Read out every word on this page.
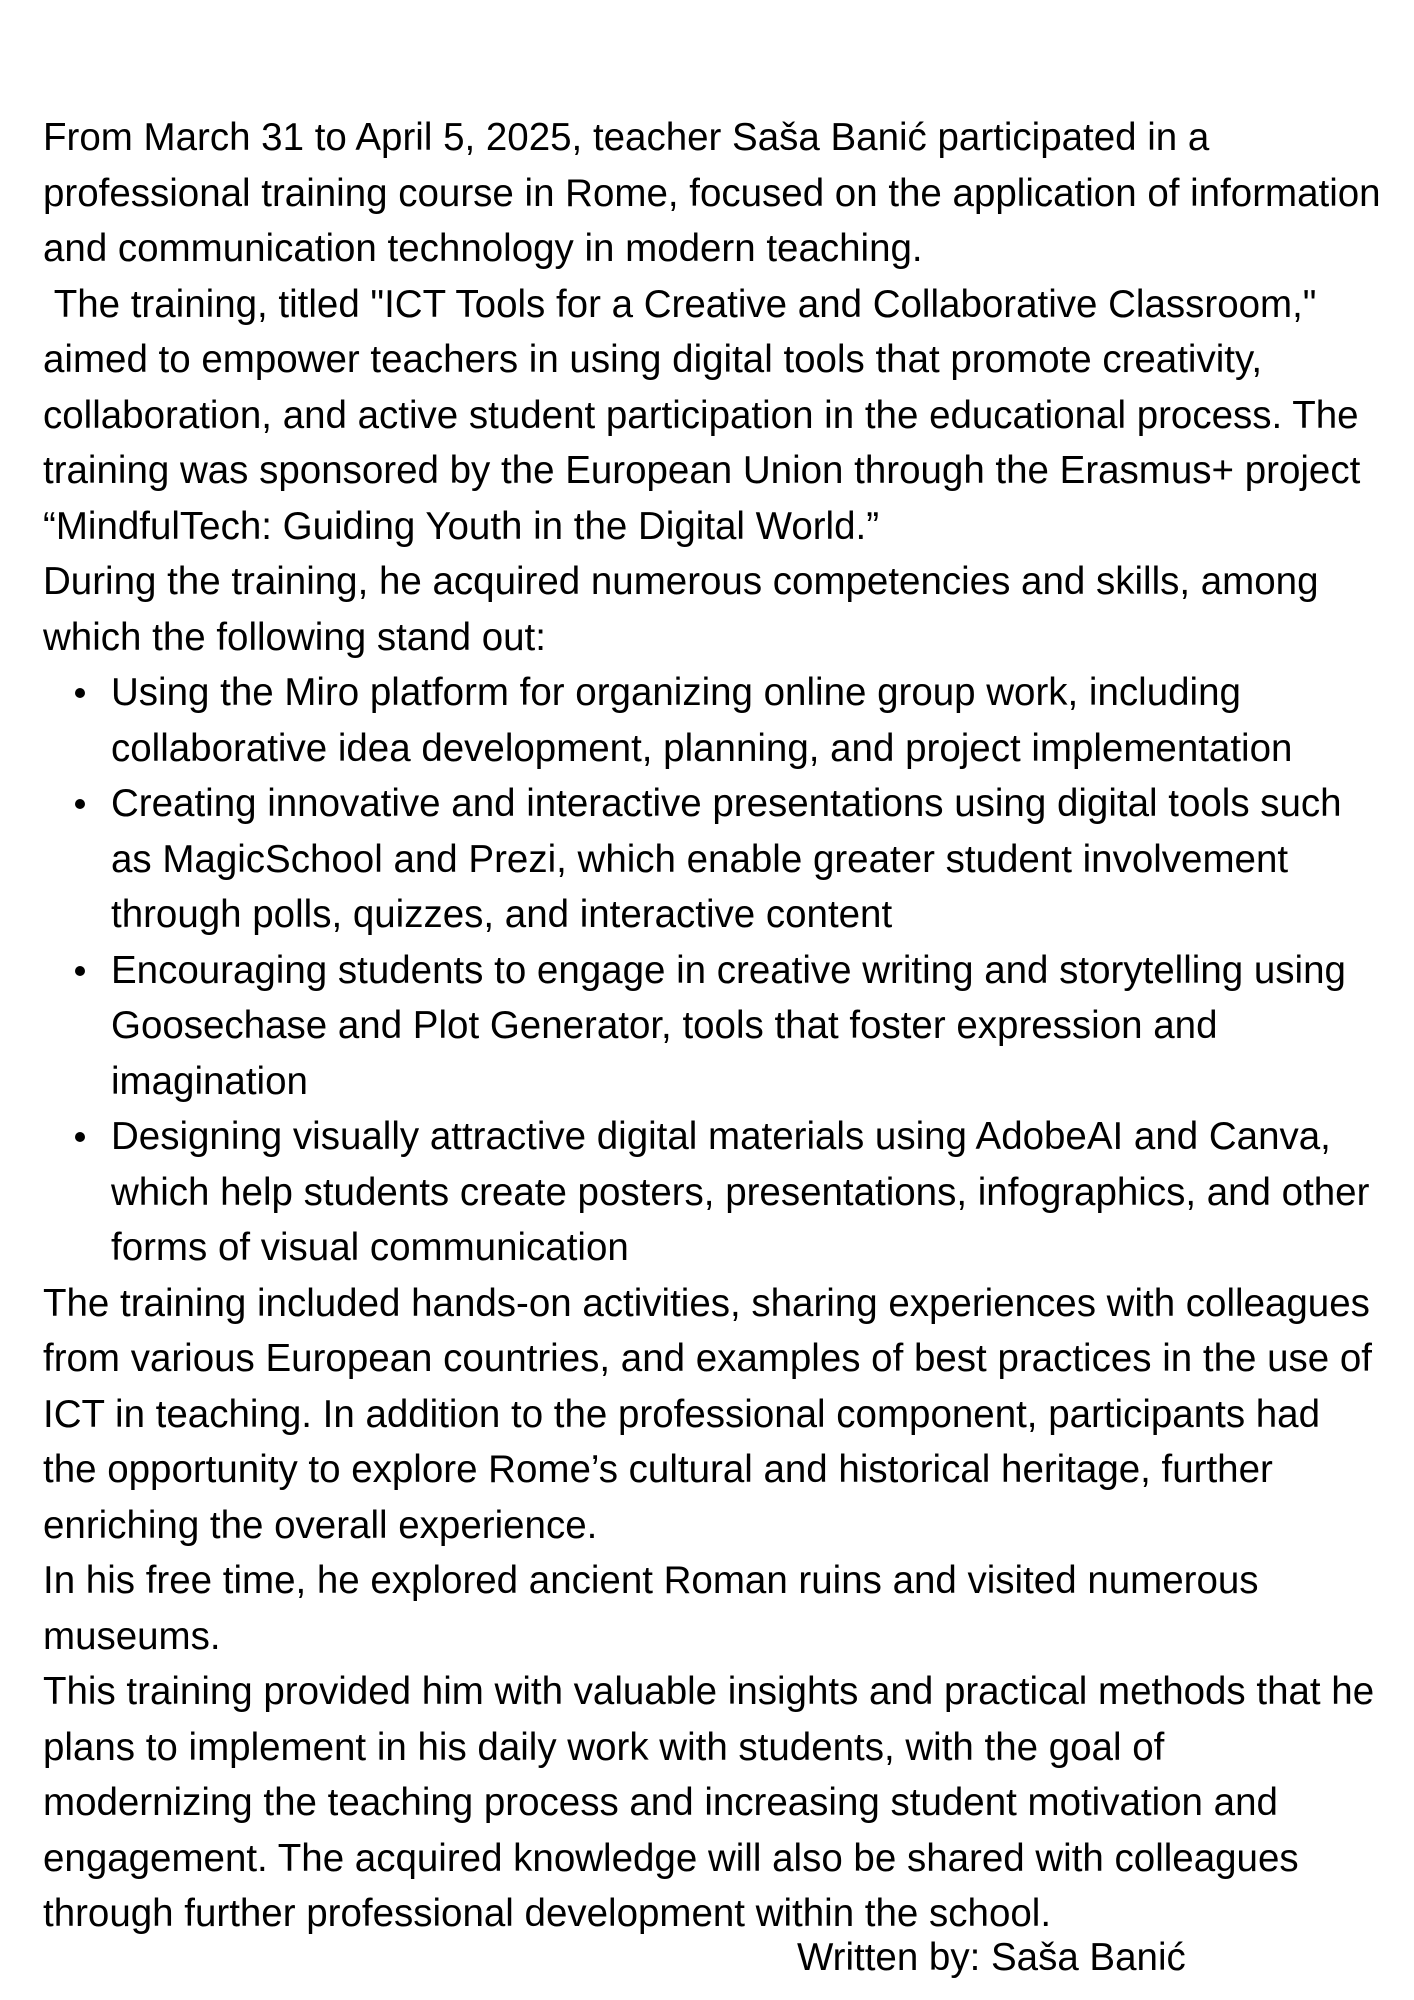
From March 31 to April 5, 2025, teacher Saša Banić participated in a professional training course in Rome, focused on the application of information and communication technology in modern teaching.

The training, titled "ICT Tools for a Creative and Collaborative Classroom," aimed to empower teachers in using digital tools that promote creativity, collaboration, and active student participation in the educational process. The training was sponsored by the European Union through the Erasmus+ project “MindfulTech: Guiding Youth in the Digital World.”

During the training, he acquired numerous competencies and skills, among which the following stand out:

Using the Miro platform for organizing online group work, including collaborative idea development, planning, and project implementation
Creating innovative and interactive presentations using digital tools such as MagicSchool and Prezi, which enable greater student involvement through polls, quizzes, and interactive content
Encouraging students to engage in creative writing and storytelling using Goosechase and Plot Generator, tools that foster expression and imagination
Designing visually attractive digital materials using AdobeAI and Canva, which help students create posters, presentations, infographics, and other forms of visual communication

The training included hands-on activities, sharing experiences with colleagues from various European countries, and examples of best practices in the use of ICT in teaching. In addition to the professional component, participants had the opportunity to explore Rome’s cultural and historical heritage, further enriching the overall experience.

In his free time, he explored ancient Roman ruins and visited numerous museums.

This training provided him with valuable insights and practical methods that he plans to implement in his daily work with students, with the goal of modernizing the teaching process and increasing student motivation and engagement. The acquired knowledge will also be shared with colleagues through further professional development within the school.

Written by: Saša Banić
